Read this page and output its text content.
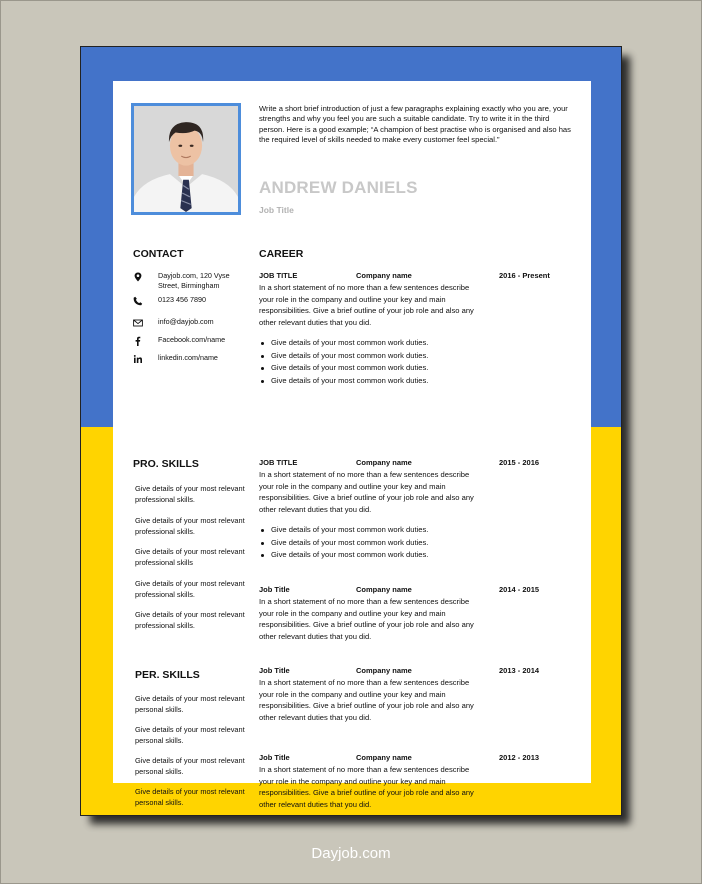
Write a short brief introduction of just a few paragraphs explaining exactly who you are, your strengths and why you feel you are such a suitable candidate. Try to write it in the third person. Here is a good example; “A champion of best practise who is organised and also has the required level of skills needed to make every customer feel special.”
ANDREW DANIELS
Job Title
CONTACT
Dayjob.com, 120 Vyse Street, Birmingham
0123 456 7890
info@dayjob.com
Facebook.com/name
linkedin.com/name
PRO. SKILLS
Give details of your most relevant professional skills.
Give details of your most relevant professional skills.
Give details of your most relevant professional skills
Give details of your most relevant professional skills.
Give details of your most relevant professional skills.
PER. SKILLS
Give details of your most relevant personal skills.
Give details of your most relevant personal skills.
Give details of your most relevant personal skills.
Give details of your most relevant personal skills.
CAREER
JOB TITLE	Company name	2016 - Present
In a short statement of no more than a few sentences describe your role in the company and outline your key and main responsibilities. Give a brief outline of your job role and also any other relevant duties that you did.
Give details of your most common work duties.
Give details of your most common work duties.
Give details of your most common work duties.
Give details of your most common work duties.
JOB TITLE	Company name	2015 - 2016
In a short statement of no more than a few sentences describe your role in the company and outline your key and main responsibilities. Give a brief outline of your job role and also any other relevant duties that you did.
Give details of your most common work duties.
Give details of your most common work duties.
Give details of your most common work duties.
Job Title	Company name	2014 - 2015
In a short statement of no more than a few sentences describe your role in the company and outline your key and main responsibilities. Give a brief outline of your job role and also any other relevant duties that you did.
Job Title	Company name	2013 - 2014
In a short statement of no more than a few sentences describe your role in the company and outline your key and main responsibilities. Give a brief outline of your job role and also any other relevant duties that you did.
Job Title	Company name	2012 - 2013
In a short statement of no more than a few sentences describe your role in the company and outline your key and main responsibilities. Give a brief outline of your job role and also any other relevant duties that you did.
Dayjob.com
